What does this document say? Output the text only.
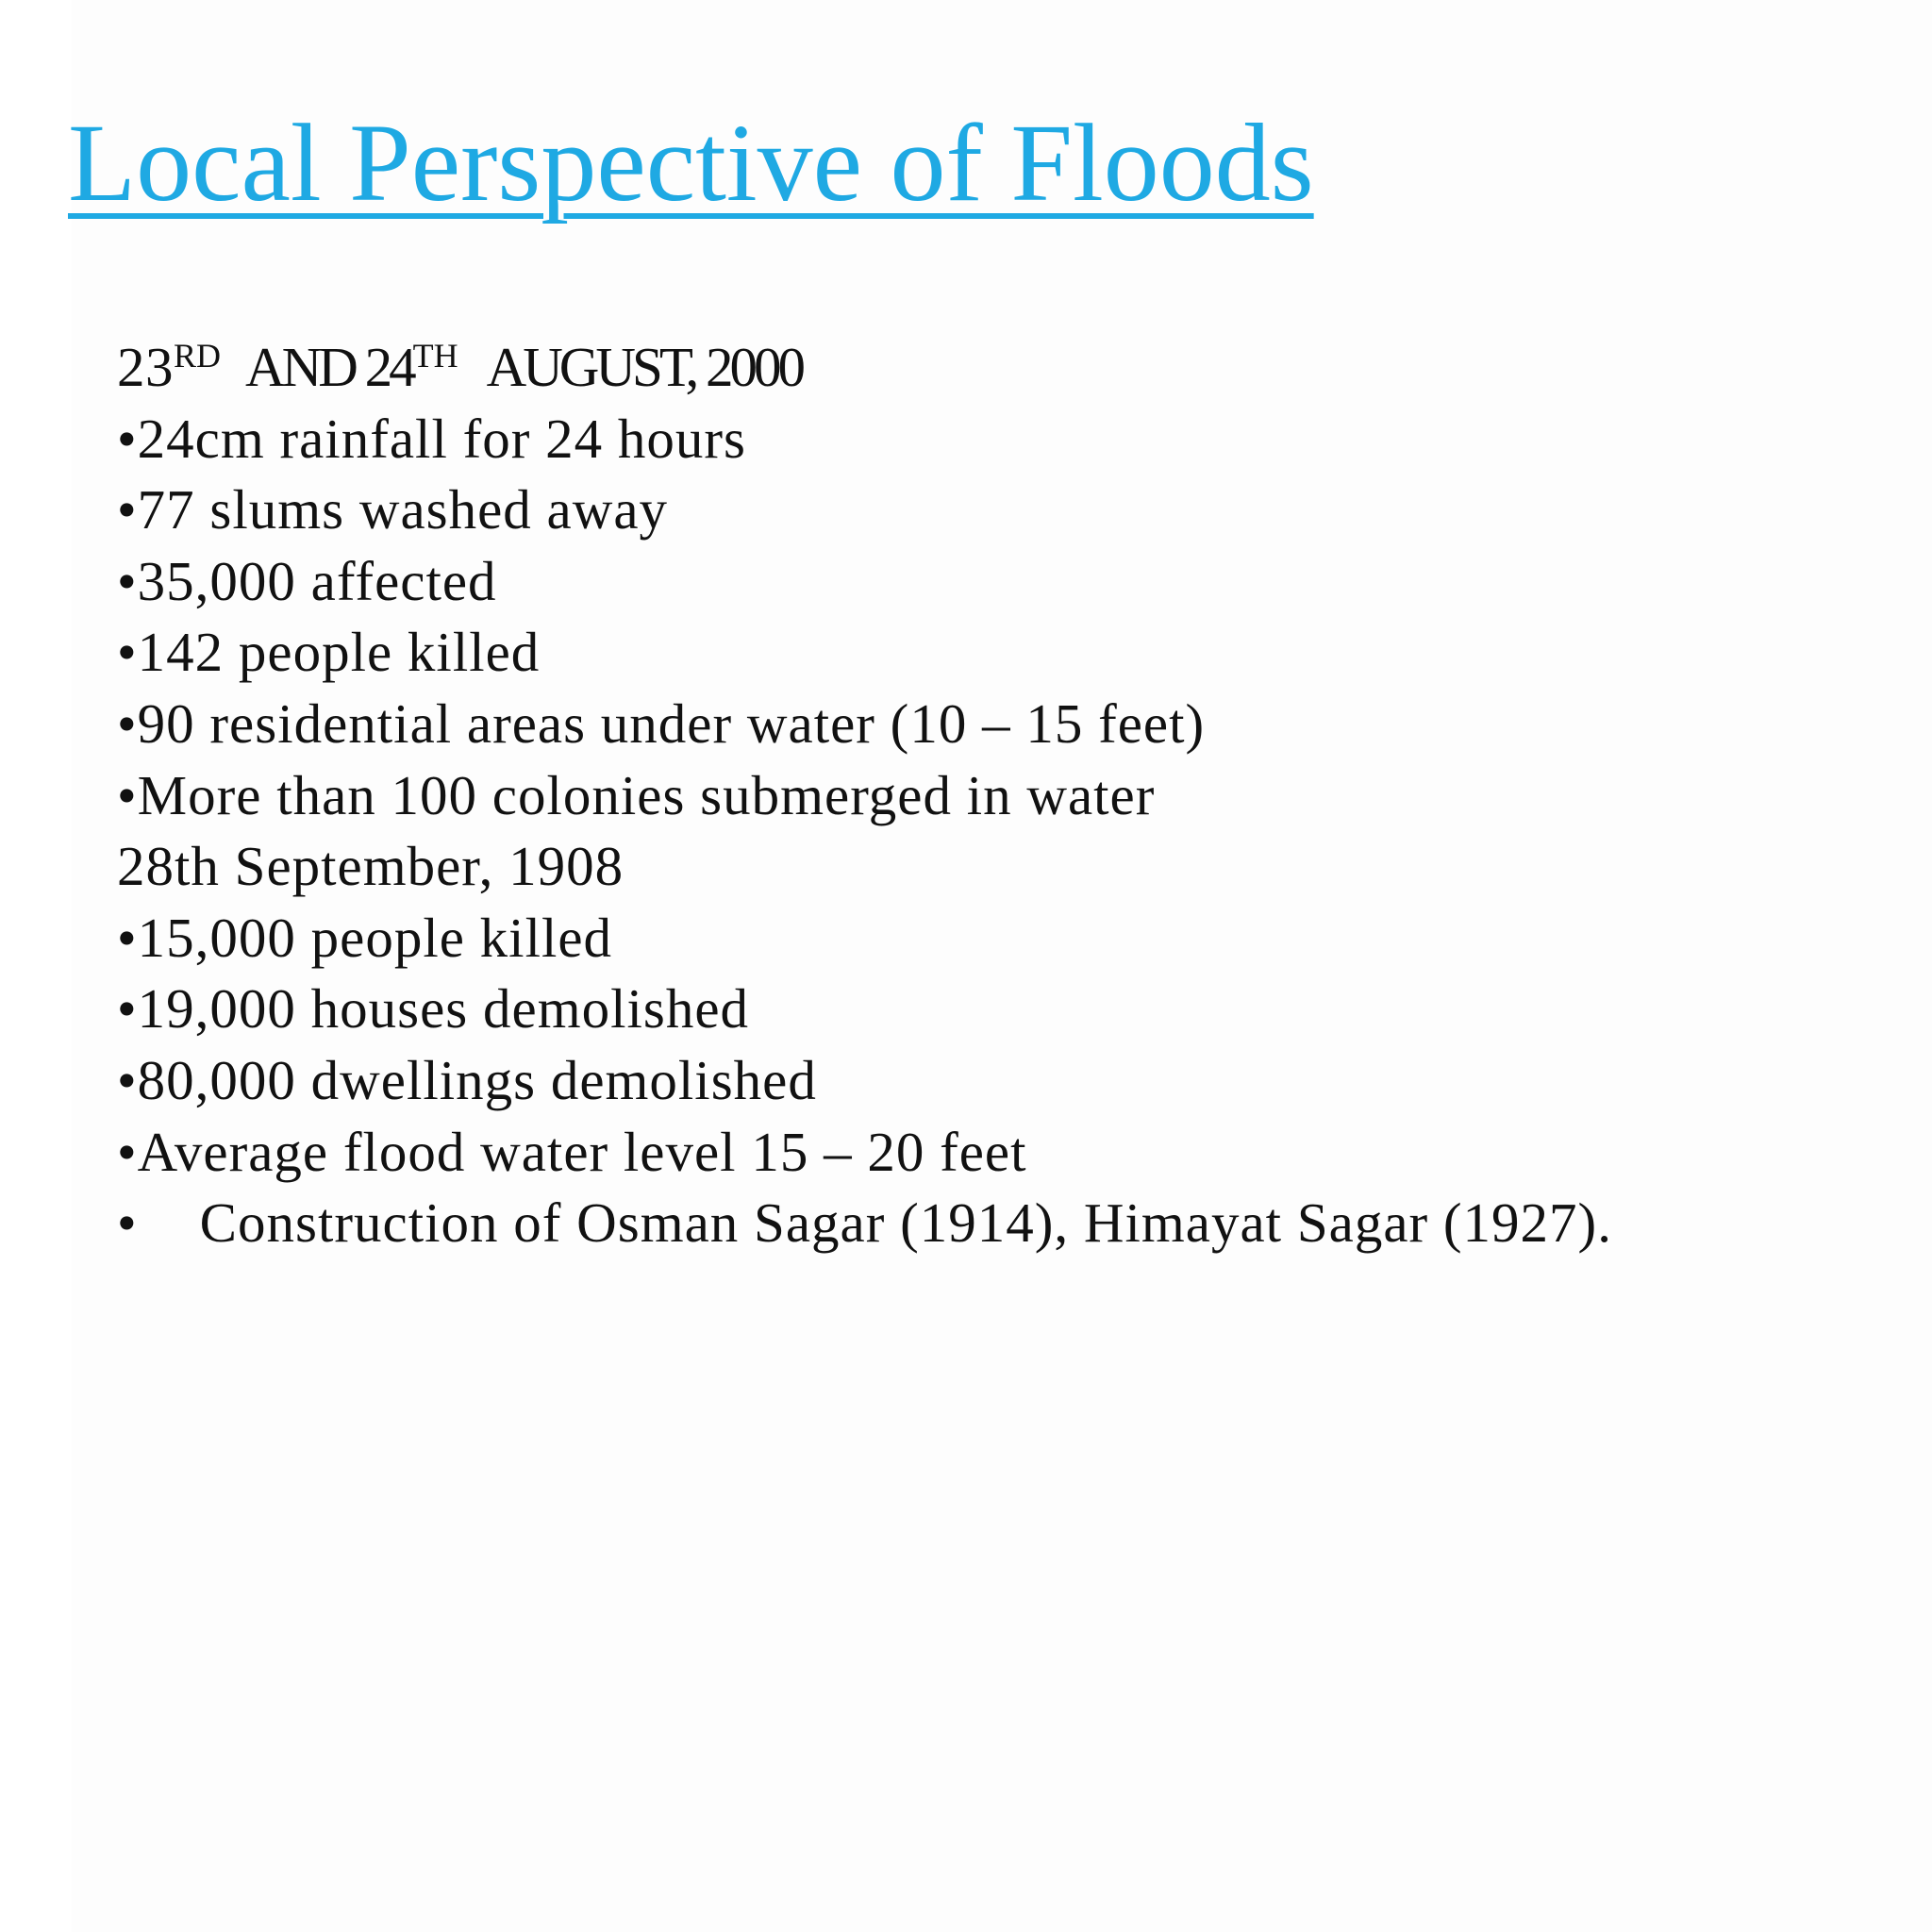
Local Perspective of Floods
23RD AND 24TH AUGUST, 2000
•24cm rainfall for 24 hours
•77 slums washed away
•35,000 affected
•142 people killed
•90 residential areas under water (10 – 15 feet)
•More than 100 colonies submerged in water
28th September, 1908
•15,000 people killed
•19,000 houses demolished
•80,000 dwellings demolished
•Average flood water level 15 – 20 feet
• Construction of Osman Sagar (1914), Himayat Sagar (1927).
